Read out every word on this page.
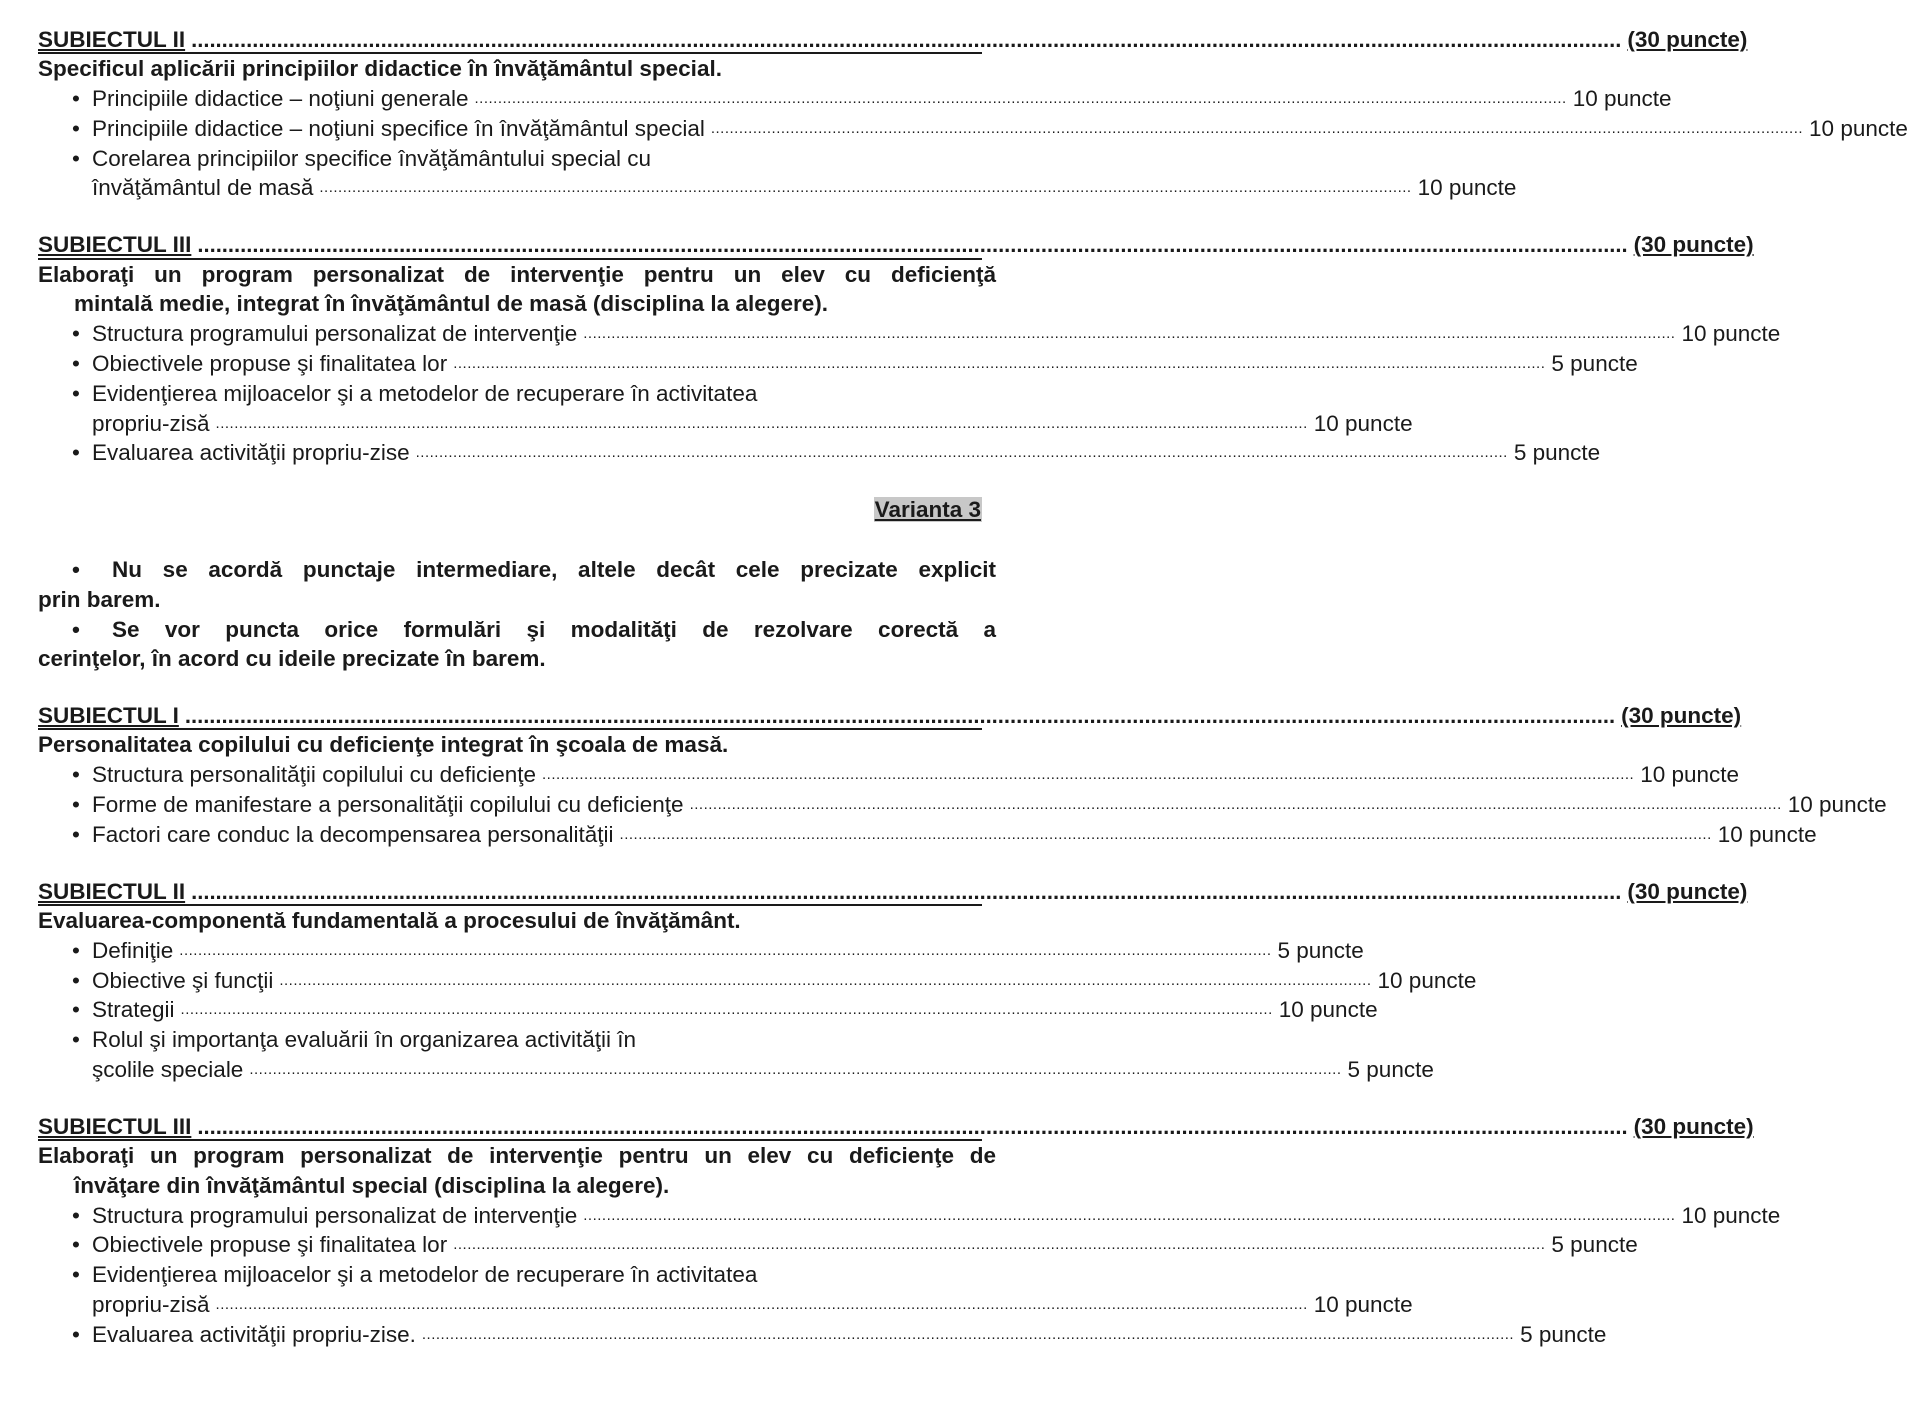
SUBIECTUL II .......................................................................................................................................................................................................................................... (30 puncte)
Specificul aplicării principiilor didactice în învăţământul special.
• Principiile didactice – noţiuni generale .......................................................................................................................................................................................................................................... 10 puncte
• Principiile didactice – noţiuni specifice în învăţământul special .......................................................................................................................................................................................................................................... 10 puncte
• Corelarea principiilor specifice învăţământului special cu
învăţământul de masă .......................................................................................................................................................................................................................................... 10 puncte
SUBIECTUL III .......................................................................................................................................................................................................................................... (30 puncte)
Elaboraţi un program personalizat de intervenţie pentru un elev cu deficienţă
mintală medie, integrat în învăţământul de masă (disciplina la alegere).
• Structura programului personalizat de intervenţie .......................................................................................................................................................................................................................................... 10 puncte
• Obiectivele propuse şi finalitatea lor .......................................................................................................................................................................................................................................... 5 puncte
• Evidenţierea mijloacelor şi a metodelor de recuperare în activitatea
propriu-zisă .......................................................................................................................................................................................................................................... 10 puncte
• Evaluarea activităţii propriu-zise .......................................................................................................................................................................................................................................... 5 puncte
Varianta 3
• Nu se acordă punctaje intermediare, altele decât cele precizate explicit
prin barem.
• Se vor puncta orice formulări şi modalităţi de rezolvare corectă a
cerinţelor, în acord cu ideile precizate în barem.
SUBIECTUL I .......................................................................................................................................................................................................................................... (30 puncte)
Personalitatea copilului cu deficienţe integrat în şcoala de masă.
• Structura personalităţii copilului cu deficienţe .......................................................................................................................................................................................................................................... 10 puncte
• Forme de manifestare a personalităţii copilului cu deficienţe .......................................................................................................................................................................................................................................... 10 puncte
• Factori care conduc la decompensarea personalităţii .......................................................................................................................................................................................................................................... 10 puncte
SUBIECTUL II .......................................................................................................................................................................................................................................... (30 puncte)
Evaluarea-componentă fundamentală a procesului de învăţământ.
• Definiţie .......................................................................................................................................................................................................................................... 5 puncte
• Obiective şi funcţii .......................................................................................................................................................................................................................................... 10 puncte
• Strategii .......................................................................................................................................................................................................................................... 10 puncte
• Rolul şi importanţa evaluării în organizarea activităţii în
şcolile speciale .......................................................................................................................................................................................................................................... 5 puncte
SUBIECTUL III .......................................................................................................................................................................................................................................... (30 puncte)
Elaboraţi un program personalizat de intervenţie pentru un elev cu deficienţe de
învăţare din învăţământul special (disciplina la alegere).
• Structura programului personalizat de intervenţie .......................................................................................................................................................................................................................................... 10 puncte
• Obiectivele propuse şi finalitatea lor .......................................................................................................................................................................................................................................... 5 puncte
• Evidenţierea mijloacelor şi a metodelor de recuperare în activitatea
propriu-zisă .......................................................................................................................................................................................................................................... 10 puncte
• Evaluarea activităţii propriu-zise. .......................................................................................................................................................................................................................................... 5 puncte
